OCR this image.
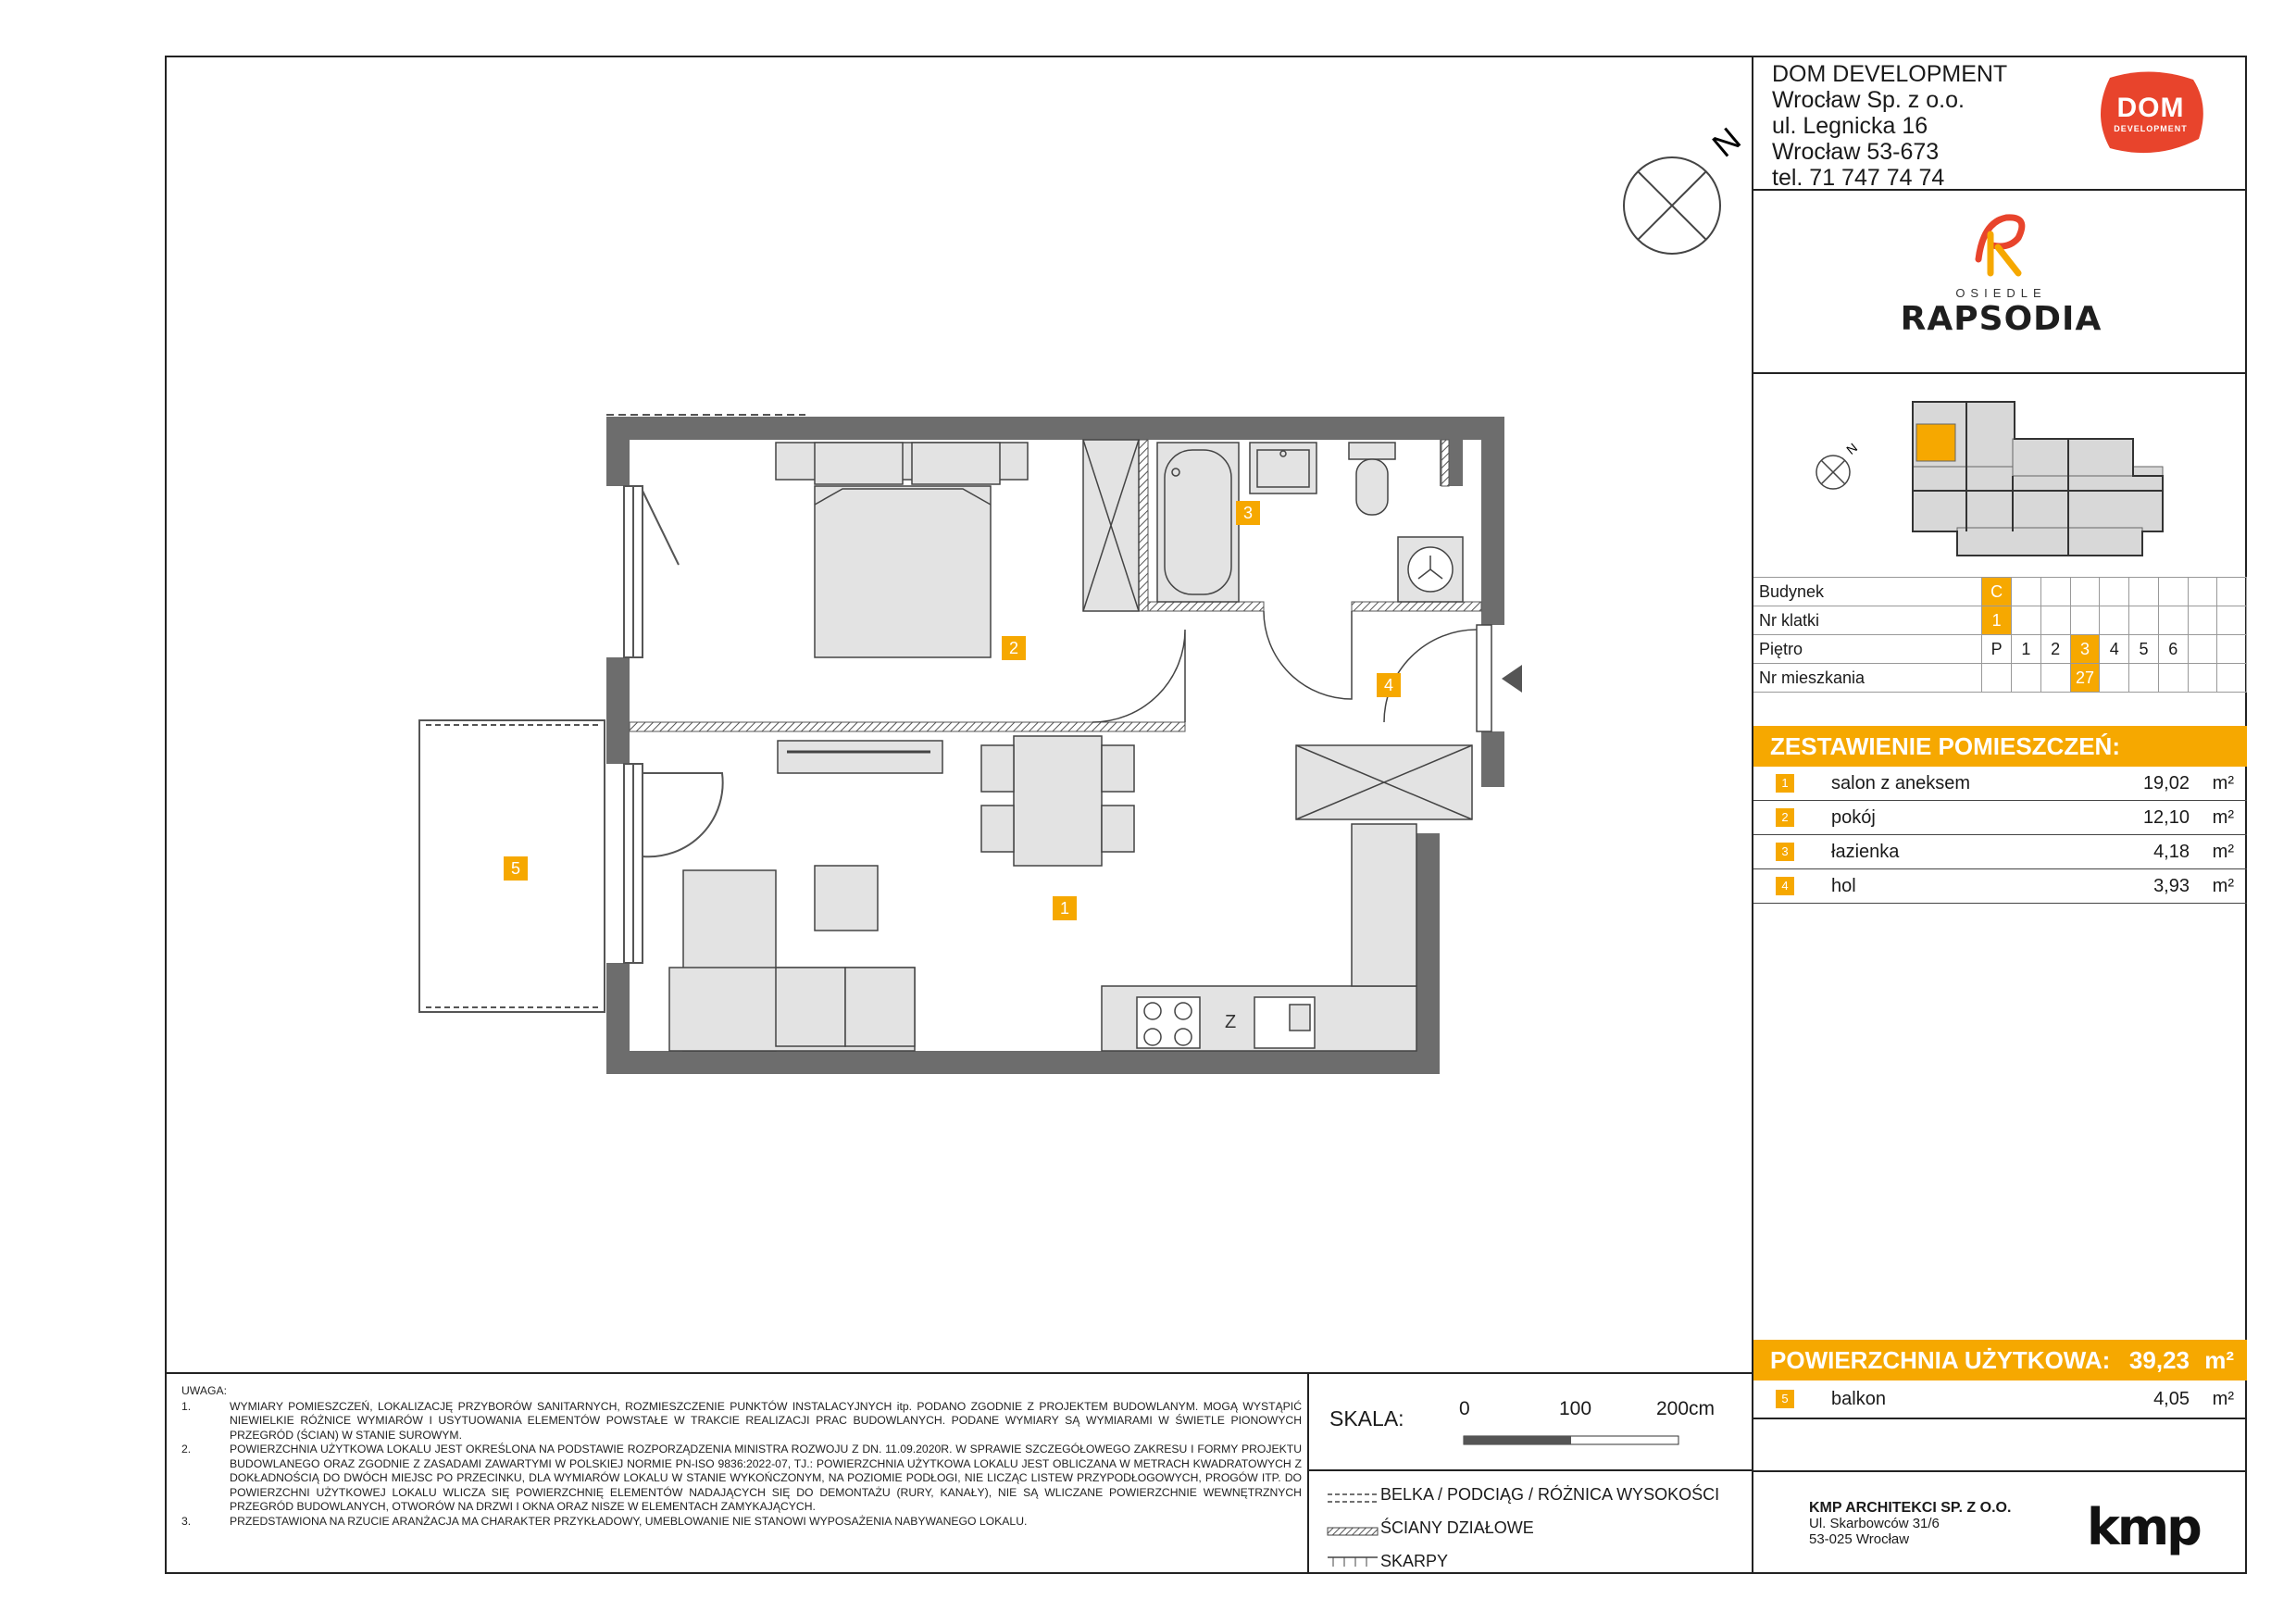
N
Z
1
2
3
4
5
DOM DEVELOPMENT
Wrocław Sp. z o.o.
ul. Legnicka 16
Wrocław 53-673
tel. 71 747 74 74
DOM
DEVELOPMENT
OSIEDLE
RAPSODIA
N
Budynek	C								
Nr klatki	1								
Piętro	P	1	2	3	4	5	6		
Nr mieszkania				27					
ZESTAWIENIE POMIESZCZEŃ:
1	salon z aneksem	19,02 m²
2	pokój	12,10 m²
3	łazienka	4,18 m²
4	hol	3,93 m²
POWIERZCHNIA UŻYTKOWA: 39,23 m²
5	balkon	4,05 m²
KMP ARCHITEKCI SP. Z O.O.
Ul. Skarbowców 31/6
53-025 Wrocław	kmp
UWAGA:
1.	WYMIARY POMIESZCZEŃ, LOKALIZACJĘ PRZYBORÓW SANITARNYCH, ROZMIESZCZENIE PUNKTÓW INSTALACYJNYCH itp. PODANO ZGODNIE Z PROJEKTEM BUDOWLANYM. MOGĄ WYSTĄPIĆ NIEWIELKIE RÓŻNICE WYMIARÓW I USYTUOWANIA ELEMENTÓW POWSTAŁE W TRAKCIE REALIZACJI PRAC BUDOWLANYCH. PODANE WYMIARY SĄ WYMIARAMI W ŚWIETLE PIONOWYCH PRZEGRÓD (ŚCIAN) W STANIE SUROWYM.
2.	POWIERZCHNIA UŻYTKOWA LOKALU JEST OKREŚLONA NA PODSTAWIE ROZPORZĄDZENIA MINISTRA ROZWOJU Z DN. 11.09.2020R. W SPRAWIE SZCZEGÓŁOWEGO ZAKRESU I FORMY PROJEKTU BUDOWLANEGO ORAZ ZGODNIE Z ZASADAMI ZAWARTYMI W POLSKIEJ NORMIE PN-ISO 9836:2022-07, TJ.: POWIERZCHNIA UŻYTKOWA LOKALU JEST OBLICZANA W METRACH KWADRATOWYCH Z DOKŁADNOŚCIĄ DO DWÓCH MIEJSC PO PRZECINKU, DLA WYMIARÓW LOKALU W STANIE WYKOŃCZONYM, NA POZIOMIE PODŁOGI, NIE LICZĄC LISTEW PRZYPODŁOGOWYCH, PROGÓW ITP. DO POWIERZCHNI UŻYTKOWEJ LOKALU WLICZA SIĘ POWIERZCHNIĘ ELEMENTÓW NADAJĄCYCH SIĘ DO DEMONTAŻU (RURY, KANAŁY), NIE SĄ WLICZANE POWIERZCHNIE WEWNĘTRZNYCH PRZEGRÓD BUDOWLANYCH, OTWORÓW NA DRZWI I OKNA ORAZ NISZE W ELEMENTACH ZAMYKAJĄCYCH.
3.	PRZEDSTAWIONA NA RZUCIE ARANŻACJA MA CHARAKTER PRZYKŁADOWY, UMEBLOWANIE NIE STANOWI WYPOSAŻENIA NABYWANEGO LOKALU.
SKALA:	0	100	200cm
BELKA / PODCIĄG / RÓŻNICA WYSOKOŚCI
ŚCIANY DZIAŁOWE
SKARPY
